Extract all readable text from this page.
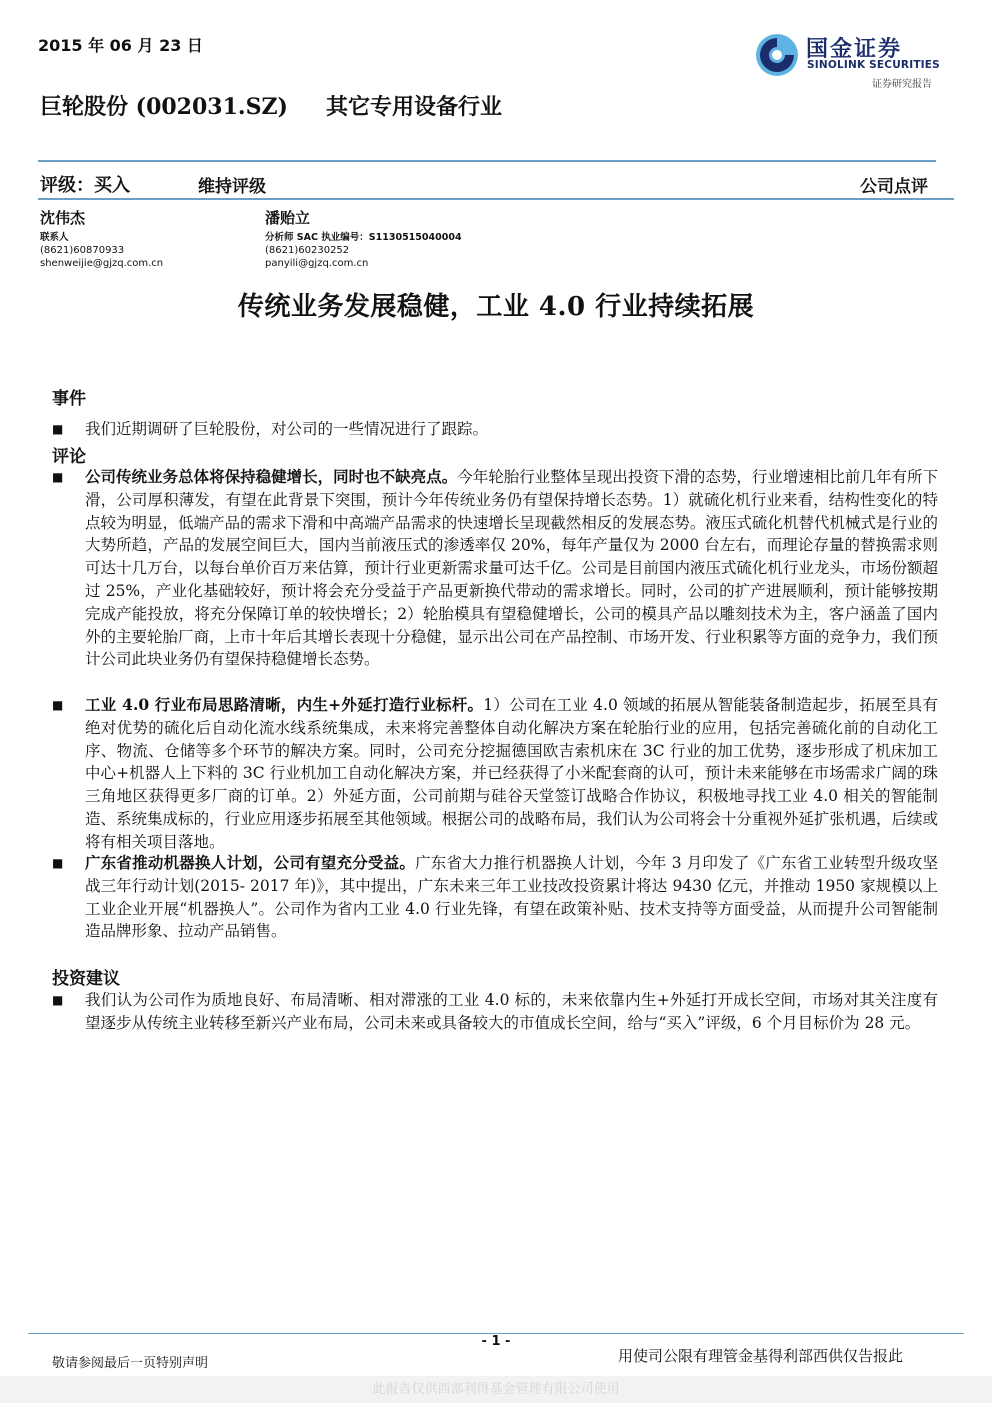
2015 年 06 月 23 日	国金证券
SINOLINK SECURITIES
证券研究报告
巨轮股份 (002031.SZ) 其它专用设备行业
评级：买入	维持评级	公司点评
沈伟杰
联系人
(8621)60870933
shenweijie@gjzq.com.cn
潘贻立
分析师 SAC 执业编号：S1130515040004
(8621)60230252
panyili@gjzq.com.cn
传统业务发展稳健，工业 4.0 行业持续拓展
事件
■ 我们近期调研了巨轮股份，对公司的一些情况进行了跟踪。
评论
■ 公司传统业务总体将保持稳健增长，同时也不缺亮点。今年轮胎行业整体呈现出投资下滑的态势，行业增速相比前几年有所下滑，公司厚积薄发，有望在此背景下突围，预计今年传统业务仍有望保持增长态势。1）就硫化机行业来看，结构性变化的特点较为明显，低端产品的需求下滑和中高端产品需求的快速增长呈现截然相反的发展态势。液压式硫化机替代机械式是行业的大势所趋，产品的发展空间巨大，国内当前液压式的渗透率仅 20%，每年产量仅为 2000 台左右，而理论存量的替换需求则可达十几万台，以每台单价百万来估算，预计行业更新需求量可达千亿。公司是目前国内液压式硫化机行业龙头，市场份额超过 25%，产业化基础较好，预计将会充分受益于产品更新换代带动的需求增长。同时，公司的扩产进展顺利，预计能够按期完成产能投放，将充分保障订单的较快增长；2）轮胎模具有望稳健增长，公司的模具产品以雕刻技术为主，客户涵盖了国内外的主要轮胎厂商，上市十年后其增长表现十分稳健，显示出公司在产品控制、市场开发、行业积累等方面的竞争力，我们预计公司此块业务仍有望保持稳健增长态势。
■ 工业 4.0 行业布局思路清晰，内生+外延打造行业标杆。1）公司在工业 4.0 领域的拓展从智能装备制造起步，拓展至具有绝对优势的硫化后自动化流水线系统集成，未来将完善整体自动化解决方案在轮胎行业的应用，包括完善硫化前的自动化工序、物流、仓储等多个环节的解决方案。同时，公司充分挖掘德国欧吉索机床在 3C 行业的加工优势，逐步形成了机床加工中心+机器人上下料的 3C 行业机加工自动化解决方案，并已经获得了小米配套商的认可，预计未来能够在市场需求广阔的珠三角地区获得更多厂商的订单。2）外延方面，公司前期与硅谷天堂签订战略合作协议，积极地寻找工业 4.0 相关的智能制造、系统集成标的，行业应用逐步拓展至其他领域。根据公司的战略布局，我们认为公司将会十分重视外延扩张机遇，后续或将有相关项目落地。
■ 广东省推动机器换人计划，公司有望充分受益。广东省大力推行机器换人计划，今年 3 月印发了《广东省工业转型升级攻坚战三年行动计划(2015- 2017 年)》，其中提出，广东未来三年工业技改投资累计将达 9430 亿元，并推动 1950 家规模以上工业企业开展“机器换人”。公司作为省内工业 4.0 行业先锋，有望在政策补贴、技术支持等方面受益，从而提升公司智能制造品牌形象、拉动产品销售。
投资建议
■ 我们认为公司作为质地良好、布局清晰、相对滞涨的工业 4.0 标的，未来依靠内生+外延打开成长空间，市场对其关注度有望逐步从传统主业转移至新兴产业布局，公司未来或具备较大的市值成长空间，给与“买入”评级，6 个月目标价为 28 元。
- 1 -
敬请参阅最后一页特别声明	用使司公限有理管金基得利部西供仅告报此
此报告仅供西部利得基金管理有限公司使用
